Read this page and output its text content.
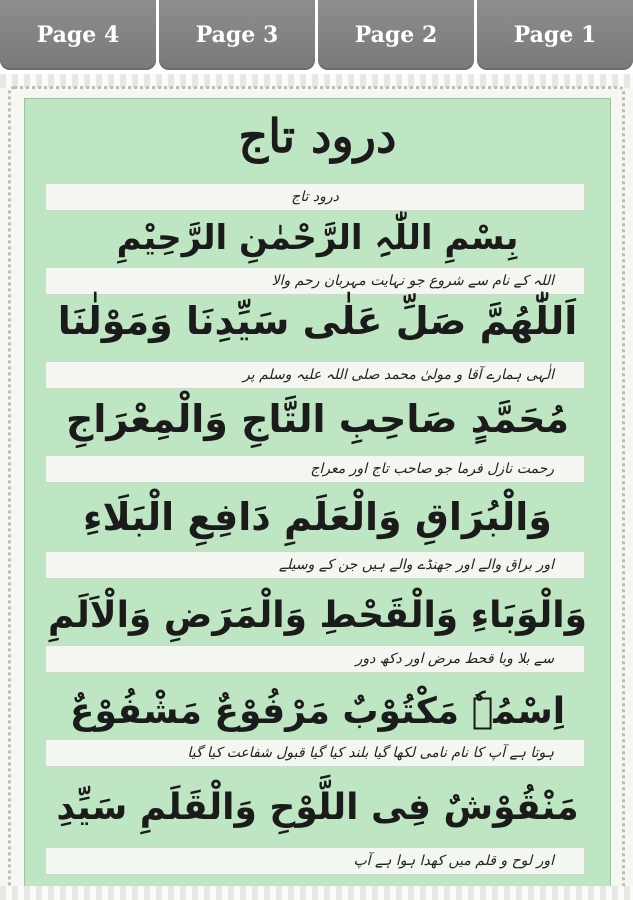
Page 4	Page 3	Page 2	Page 1
درود تاج
درود تاج
بِسْمِ اللّٰہِ الرَّحْمٰنِ الرَّحِیْمِ
اللہ کے نام سے شروع جو نہایت مہربان رحم والا
اَللّٰھُمَّ صَلِّ عَلٰی سَیِّدِنَا وَمَوْلٰنَا
الٰہی ہمارے آقا و مولیٰ محمد صلی اللہ علیہ وسلم پر
مُحَمَّدٍ صَاحِبِ التَّاجِ وَالْمِعْرَاجِ
رحمت نازل فرما جو صاحب تاج اور معراج
وَالْبُرَاقِ وَالْعَلَمِ دَافِعِ الْبَلَاءِ
اور براق والے اور جھنڈے والے ہیں جن کے وسیلے
وَالْوَبَاءِ وَالْقَحْطِ وَالْمَرَضِ وَالْاَلَمِ
سے بلا وبا قحط مرض اور دکھ دور
اِسْمُہٗ مَكْتُوْبٌ مَرْفُوْعٌ مَشْفُوْعٌ
ہوتا ہے آپ کا نام نامی لکھا گیا بلند کیا گیا قبول شفاعت کیا گیا
مَنْقُوْشٌ فِی اللَّوْحِ وَالْقَلَمِ سَیِّدِ
اور لوح و قلم میں کھدا ہوا ہے آپ
